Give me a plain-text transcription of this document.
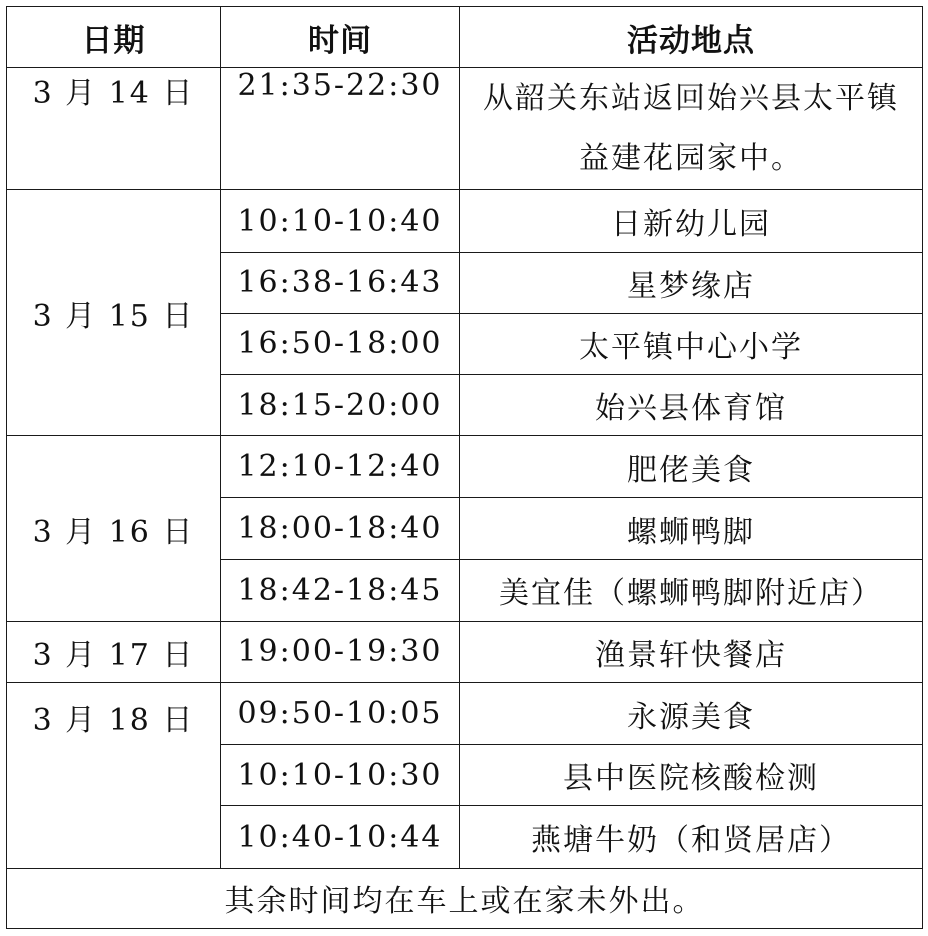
日期	时间	活动地点
3 月 14 日	21:35-22:30	从韶关东站返回始兴县太平镇益建花园家中。
3 月 15 日	10:10-10:40	日新幼儿园
	16:38-16:43	星梦缘店
	16:50-18:00	太平镇中心小学
	18:15-20:00	始兴县体育馆
3 月 16 日	12:10-12:40	肥佬美食
	18:00-18:40	螺蛳鸭脚
	18:42-18:45	美宜佳（螺蛳鸭脚附近店）
3 月 17 日	19:00-19:30	渔景轩快餐店
3 月 18 日	09:50-10:05	永源美食
	10:10-10:30	县中医院核酸检测
	10:40-10:44	燕塘牛奶（和贤居店）
其余时间均在车上或在家未外出。		
